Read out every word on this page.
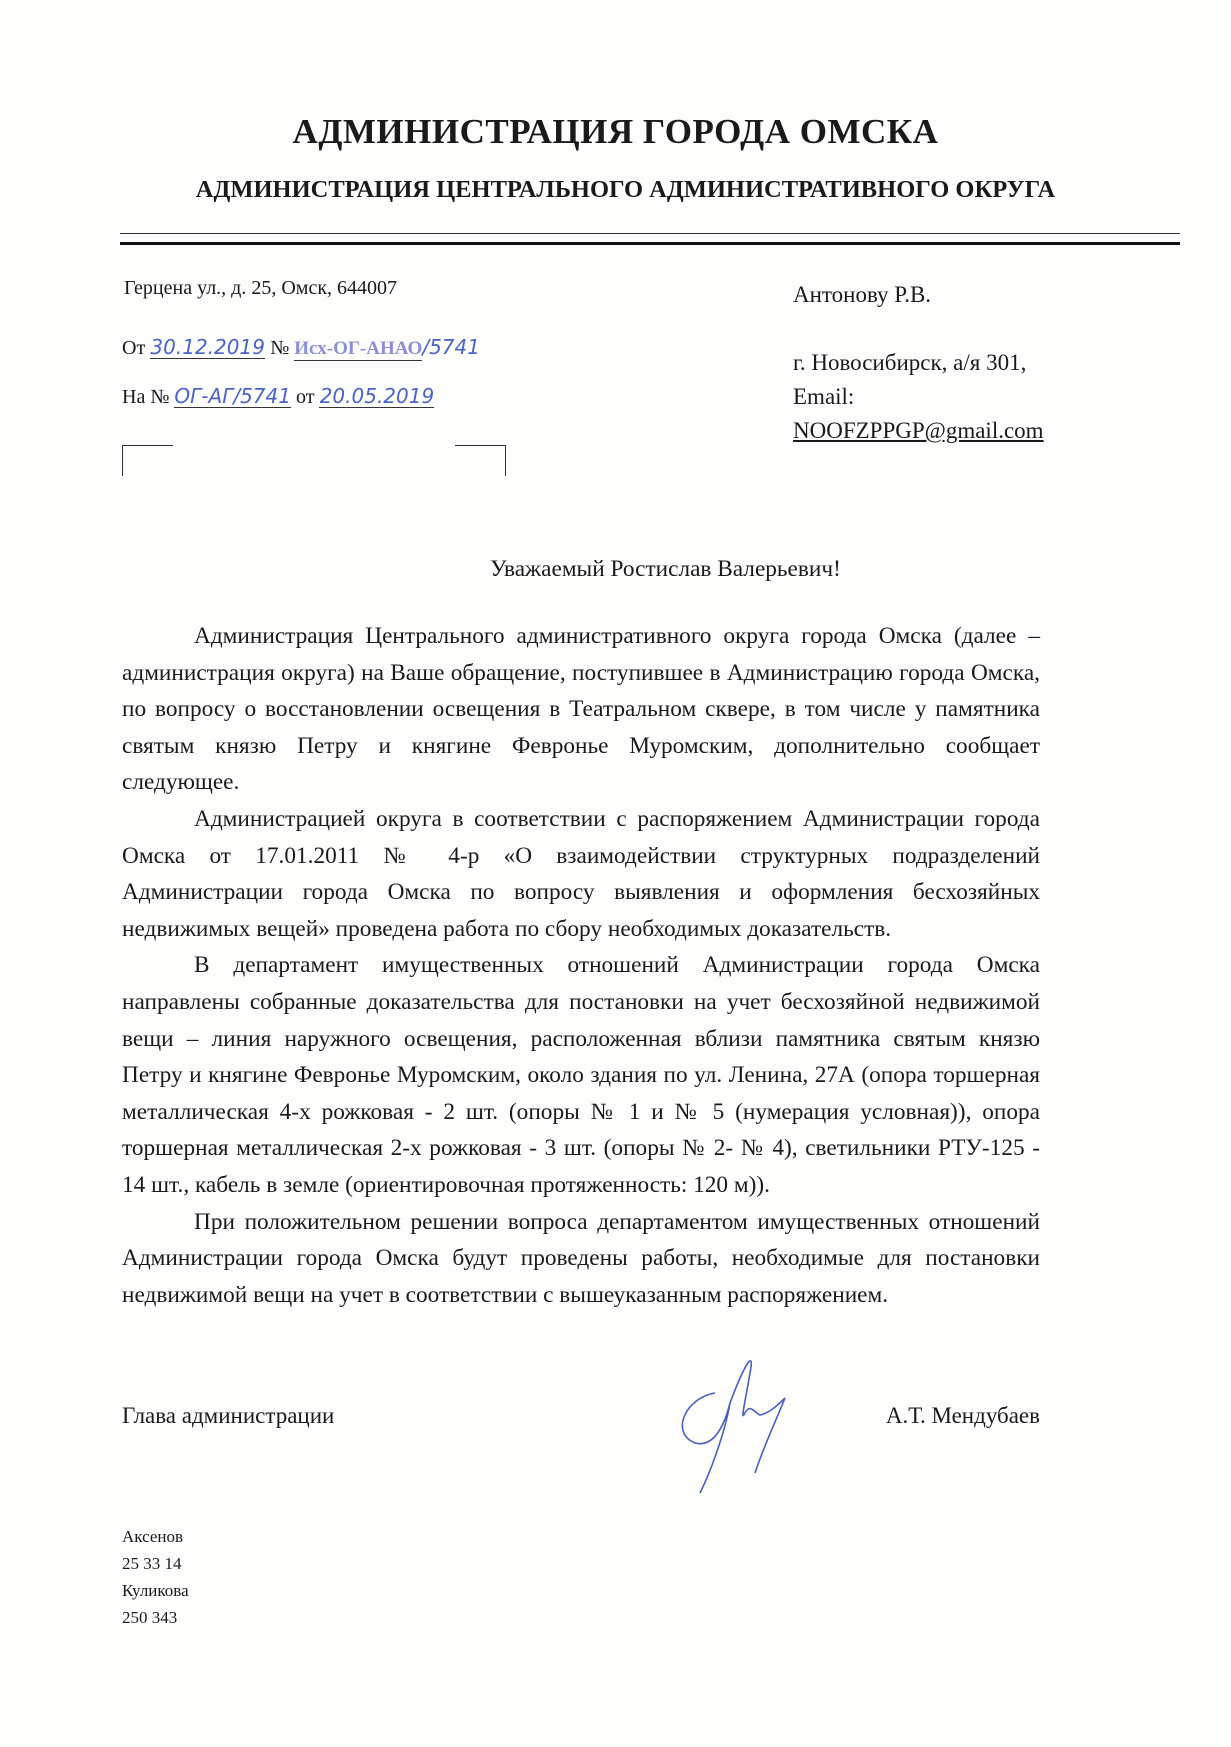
АДМИНИСТРАЦИЯ ГОРОДА ОМСКА
АДМИНИСТРАЦИЯ ЦЕНТРАЛЬНОГО АДМИНИСТРАТИВНОГО ОКРУГА
Герцена ул., д. 25, Омск, 644007
От 30.12.2019 № Исх-ОГ-АНАО/5741
На № ОГ-АГ/5741 от 20.05.2019
Антонову Р.В.
г. Новосибирск, а/я 301,
Email:
NOOFZPPGP@gmail.com
Уважаемый Ростислав Валерьевич!

Администрация Центрального административного округа города Омска (далее – администрация округа) на Ваше обращение, поступившее в Администрацию города Омска, по вопросу о восстановлении освещения в Театральном сквере, в том числе у памятника святым князю Петру и княгине Февронье Муромским, дополнительно сообщает следующее.

Администрацией округа в соответствии с распоряжением Администрации города Омска от 17.01.2011 № 4-р «О взаимодействии структурных подразделений Администрации города Омска по вопросу выявления и оформления бесхозяйных недвижимых вещей» проведена работа по сбору необходимых доказательств.

В департамент имущественных отношений Администрации города Омска направлены собранные доказательства для постановки на учет бесхозяйной недвижимой вещи – линия наружного освещения, расположенная вблизи памятника святым князю Петру и княгине Февронье Муромским, около здания по ул. Ленина, 27А (опора торшерная металлическая 4-х рожковая - 2 шт. (опоры № 1 и № 5 (нумерация условная)), опора торшерная металлическая 2-х рожковая - 3 шт. (опоры № 2- № 4), светильники РТУ-125 - 14 шт., кабель в земле (ориентировочная протяженность: 120 м)).

При положительном решении вопроса департаментом имущественных отношений Администрации города Омска будут проведены работы, необходимые для постановки недвижимой вещи на учет в соответствии с вышеуказанным распоряжением.

Глава администрации	А.Т. Мендубаев
Аксенов
25 33 14
Куликова
250 343
